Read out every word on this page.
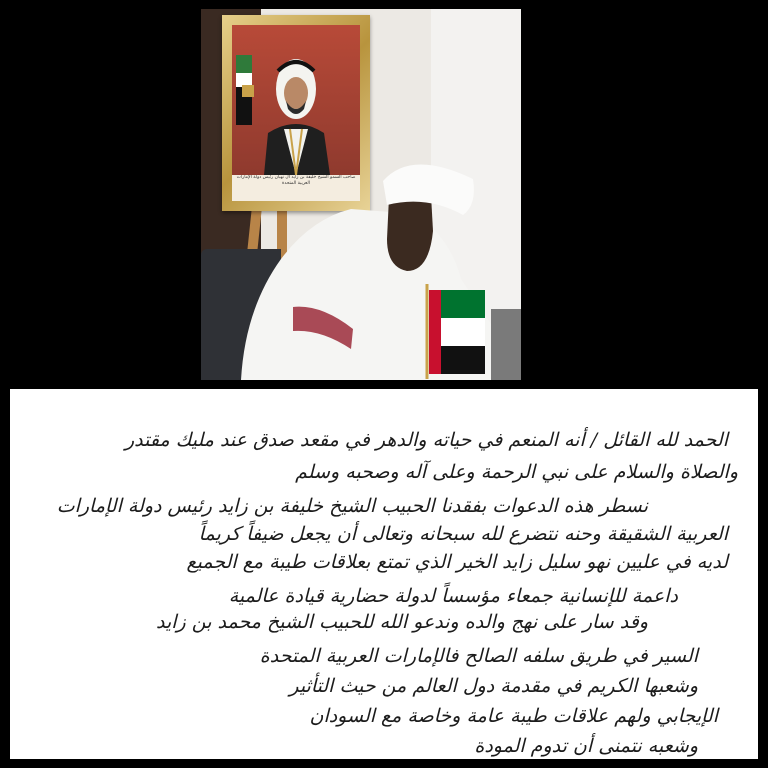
صاحب السمو الشيخ خليفة بن زايد آل نهيان رئيس دولة الإمارات العربية المتحدة
الحمد لله القائل / أنه المنعم في حياته والدهر في مقعد صدق عند مليك مقتدر
والصلاة والسلام على نبي الرحمة وعلى آله وصحبه وسلم
نسطر هذه الدعوات بفقدنا الحبيب الشيخ خليفة بن زايد رئيس دولة الإمارات
العربية الشقيقة وحنه نتضرع لله سبحانه وتعالى أن يجعل ضيفاً كريماً
لديه في عليين نهو سليل زايد الخير الذي تمتع بعلاقات طيبة مع الجميع
داعمة للإنسانية جمعاء مؤسساً لدولة حضارية قيادة عالمية
وقد سار على نهج والده وندعو الله للحبيب الشيخ محمد بن زايد
السير في طريق سلفه الصالح فالإمارات العربية المتحدة
وشعبها الكريم في مقدمة دول العالم من حيث التأثير
الإيجابي ولهم علاقات طيبة عامة وخاصة مع السودان
وشعبه نتمنى أن تدوم المودة
